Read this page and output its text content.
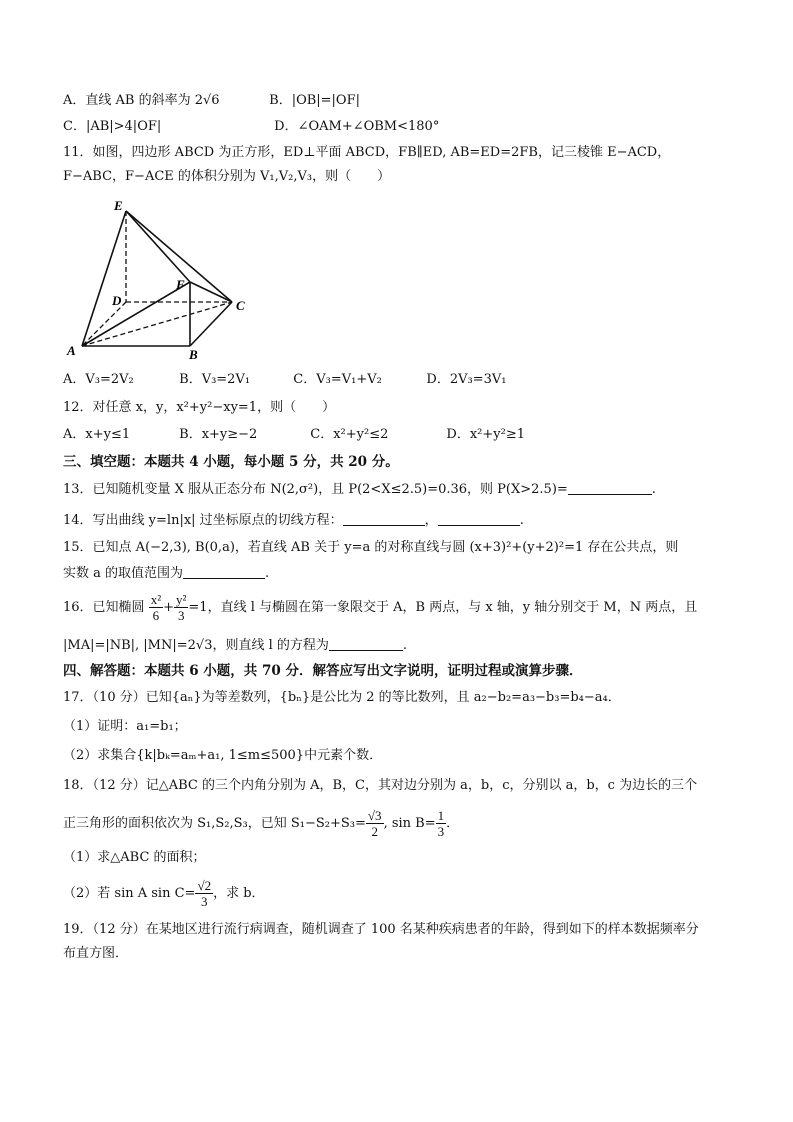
A．直线 AB 的斜率为 2√6	B．|OB|=|OF|
C．|AB|>4|OF|	D．∠OAM+∠OBM<180°
11．如图，四边形 ABCD 为正方形，ED⊥平面 ABCD，FB∥ED, AB=ED=2FB，记三棱锥 E−ACD，
F−ABC，F−ACE 的体积分别为 V₁,V₂,V₃，则（　　）
E
D
F
C
A	B
A．V₃=2V₂	B．V₃=2V₁	C．V₃=V₁+V₂	D．2V₃=3V₁
12．对任意 x，y，x²+y²−xy=1，则（　　）
A．x+y≤1	B．x+y≥−2	C．x²+y²≤2	D．x²+y²≥1
三、填空题：本题共 4 小题，每小题 5 分，共 20 分。
13．已知随机变量 X 服从正态分布 N(2,σ²)，且 P(2<X≤2.5)=0.36，则 P(X>2.5)=	.
14．写出曲线 y=ln|x| 过坐标原点的切线方程：	，	.
15．已知点 A(−2,3), B(0,a)，若直线 AB 关于 y=a 的对称直线与圆 (x+3)²+(y+2)²=1 存在公共点，则
实数 a 的取值范围为	.
16．已知椭圆 $\frac{\text{x²}}{6} + \frac{\text{y²}}{3} =1$，直线 l 与椭圆在第一象限交于 A，B 两点，与 x 轴，y 轴分别交于 M，N 两点，且
|MA|=|NB|, |MN|=2√3，则直线 l 的方程为	.
四、解答题：本题共 6 小题，共 70 分．解答应写出文字说明，证明过程或演算步骤．
17．（10 分）已知{aₙ}为等差数列，{bₙ}是公比为 2 的等比数列，且 a₂−b₂=a₃−b₃=b₄−a₄．
（1）证明：a₁=b₁；
（2）求集合{k|bₖ=aₘ+a₁, 1≤m≤500}中元素个数．
18．（12 分）记△ABC 的三个内角分别为 A，B，C，其对边分别为 a，b，c，分别以 a，b，c 为边长的三个
正三角形的面积依次为 S₁,S₂,S₃，已知 $S_1-S_2+S_3= \frac{√3}{2}$ , $\sin B= \frac{1}{3}$ ．
（1）求△ABC 的面积；
（2）若 sin A $\sin C= \frac{√2}{3}$ ，求 b．
19．（12 分）在某地区进行流行病调查，随机调查了 100 名某种疾病患者的年龄，得到如下的样本数据频率分
布直方图．
